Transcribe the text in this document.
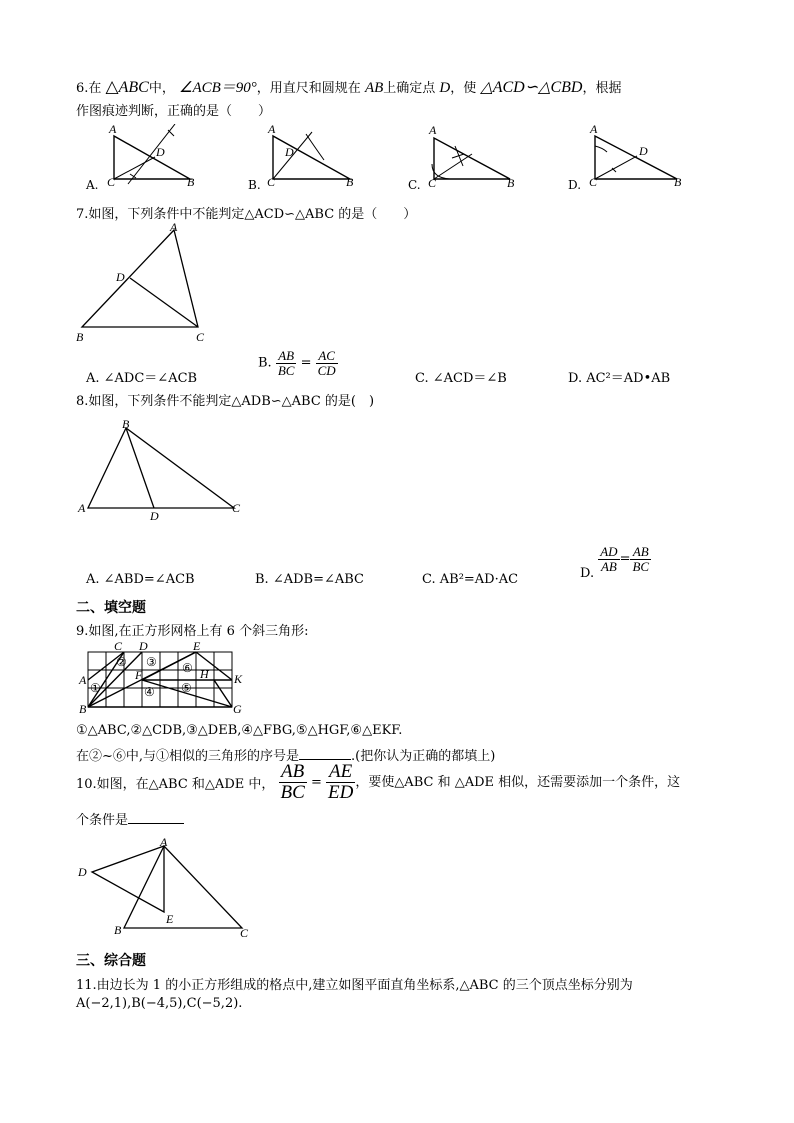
6.在 △ABC中， ∠ACB＝90°，用直尺和圆规在 AB上确定点 D，使 △ACD∽△CBD，根据
作图痕迹判断，正确的是（　　）
A.
A
C	B
D
B.
A
C	B
D
C.
A
C	B	D.
A
C	B
D
7.如图，下列条件中不能判定△ACD∽△ABC 的是（　　）
A
D
B	C
A. ∠ADC＝∠ACB
B. $\frac{AB}{BC} = \frac{AC}{CD}$
C. ∠ACD＝∠B	D. AC²＝AD•AB
8.如图，下列条件不能判定△ADB∽△ABC 的是(　)
B
A
D
C
A. ∠ABD=∠ACB	B. ∠ADB=∠ABC	C. AB²=AD·AC	D. $\frac{AD}{AB} = \frac{AB}{BC}$
二、填空题
9.如图,在正方形网格上有 6 个斜三角形:
C D	E
A
B
F	H K
G
①
② ③
④ ⑤
⑥
①△ABC,②△CDB,③△DEB,④△FBG,⑤△HGF,⑥△EKF.
在②~⑥中,与①相似的三角形的序号是	.(把你认为正确的都填上)
10.如图，在△ABC 和△ADE 中， $\frac{AB}{BC} = \frac{AE}{ED}$ ，要使△ABC 和 △ADE 相似，还需要添加一个条件，这
个条件是
A
D
E
B	C
三、综合题
11.由边长为 1 的小正方形组成的格点中,建立如图平面直角坐标系,△ABC 的三个顶点坐标分别为
A(−2,1),B(−4,5),C(−5,2).
